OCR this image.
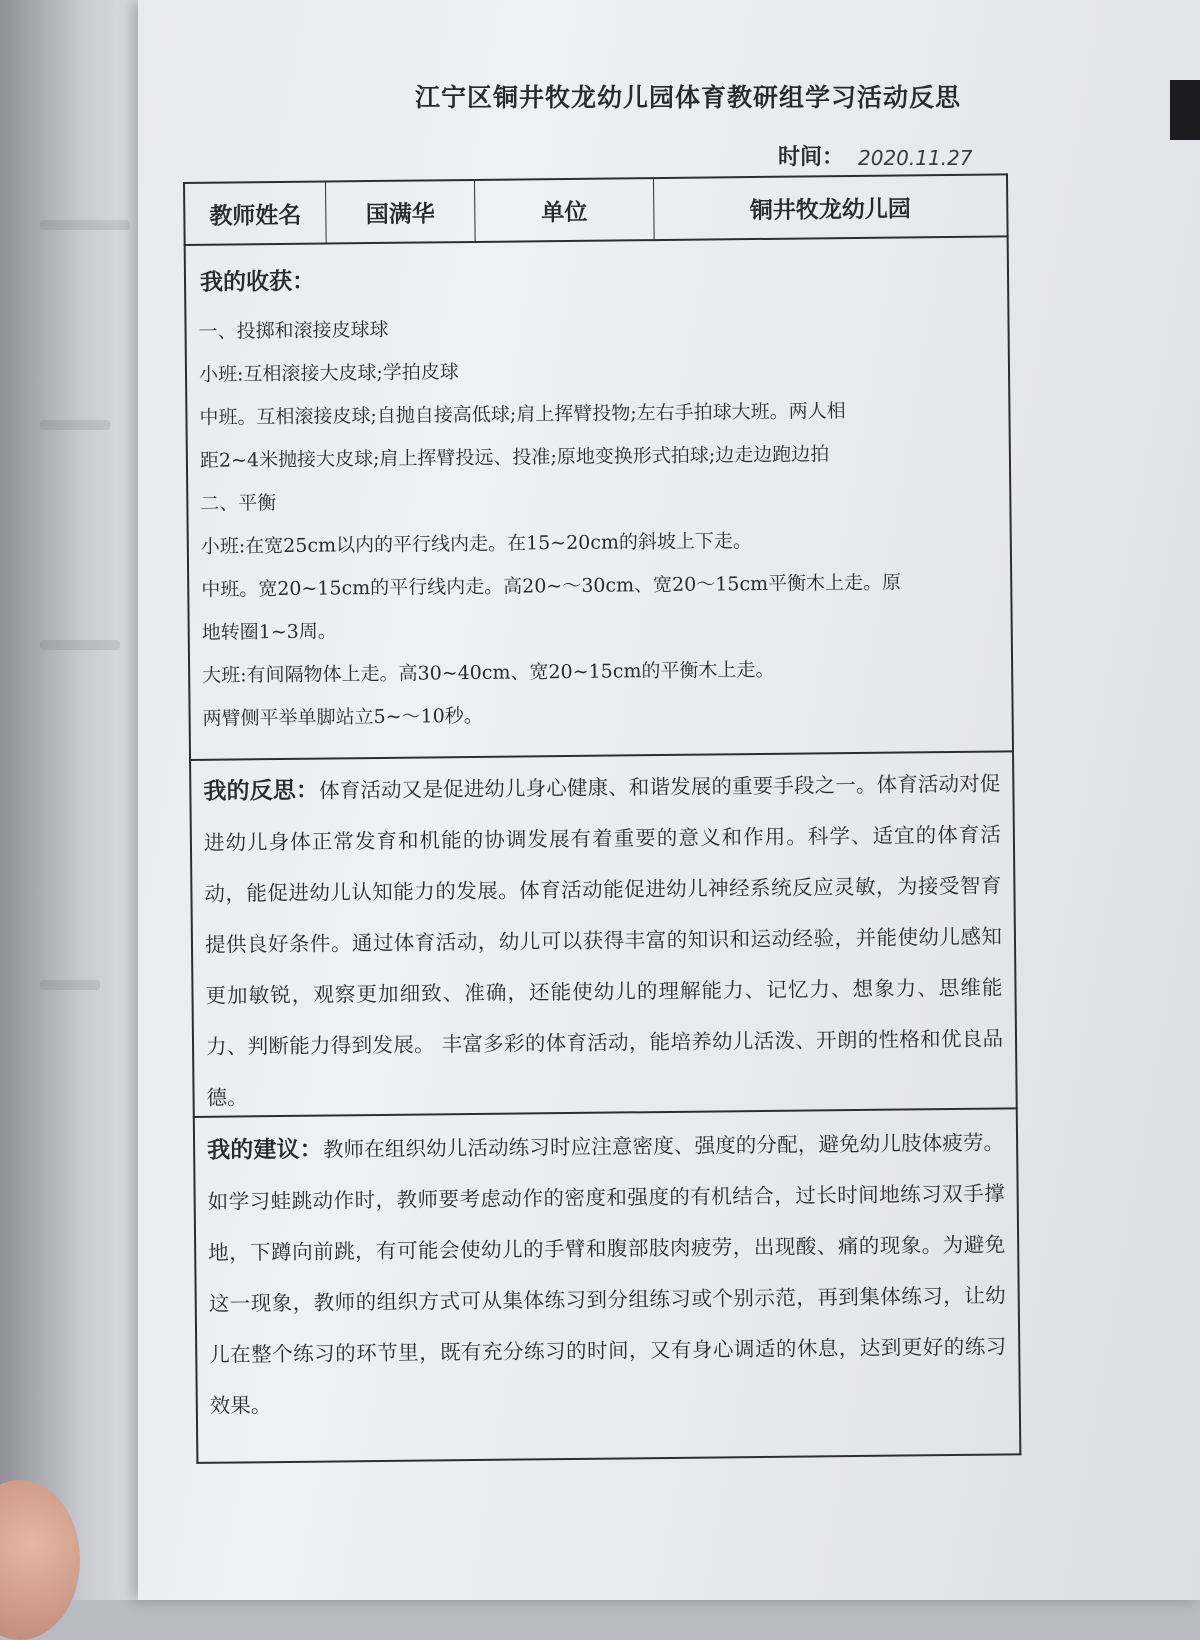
江宁区铜井牧龙幼儿园体育教研组学习活动反思
时间： 2020.11.27
教师姓名	国满华	单位	铜井牧龙幼儿园
我的收获：

一、投掷和滚接皮球球

小班:互相滚接大皮球;学拍皮球

中班。互相滚接皮球;自抛自接高低球;肩上挥臂投物;左右手拍球大班。两人相

距2~4米抛接大皮球;肩上挥臂投远、投准;原地变换形式拍球;边走边跑边拍

二、平衡

小班:在宽25cm以内的平行线内走。在15~20cm的斜坡上下走。

中班。宽20~15cm的平行线内走。高20~～30cm、宽20～15cm平衡木上走。原

地转圈1~3周。

大班:有间隔物体上走。高30~40cm、宽20~15cm的平衡木上走。

两臂侧平举单脚站立5~～10秒。

我的反思：体育活动又是促进幼儿身心健康、和谐发展的重要手段之一。体育活动对促进幼儿身体正常发育和机能的协调发展有着重要的意义和作用。科学、适宜的体育活动，能促进幼儿认知能力的发展。体育活动能促进幼儿神经系统反应灵敏，为接受智育提供良好条件。通过体育活动，幼儿可以获得丰富的知识和运动经验，并能使幼儿感知更加敏锐，观察更加细致、准确，还能使幼儿的理解能力、记忆力、想象力、思维能力、判断能力得到发展。 丰富多彩的体育活动，能培养幼儿活泼、开朗的性格和优良品德。

我的建议：教师在组织幼儿活动练习时应注意密度、强度的分配，避免幼儿肢体疲劳。如学习蛙跳动作时，教师要考虑动作的密度和强度的有机结合，过长时间地练习双手撑地，下蹲向前跳，有可能会使幼儿的手臂和腹部肢肉疲劳，出现酸、痛的现象。为避免这一现象，教师的组织方式可从集体练习到分组练习或个别示范，再到集体练习，让幼儿在整个练习的环节里，既有充分练习的时间，又有身心调适的休息，达到更好的练习效果。
